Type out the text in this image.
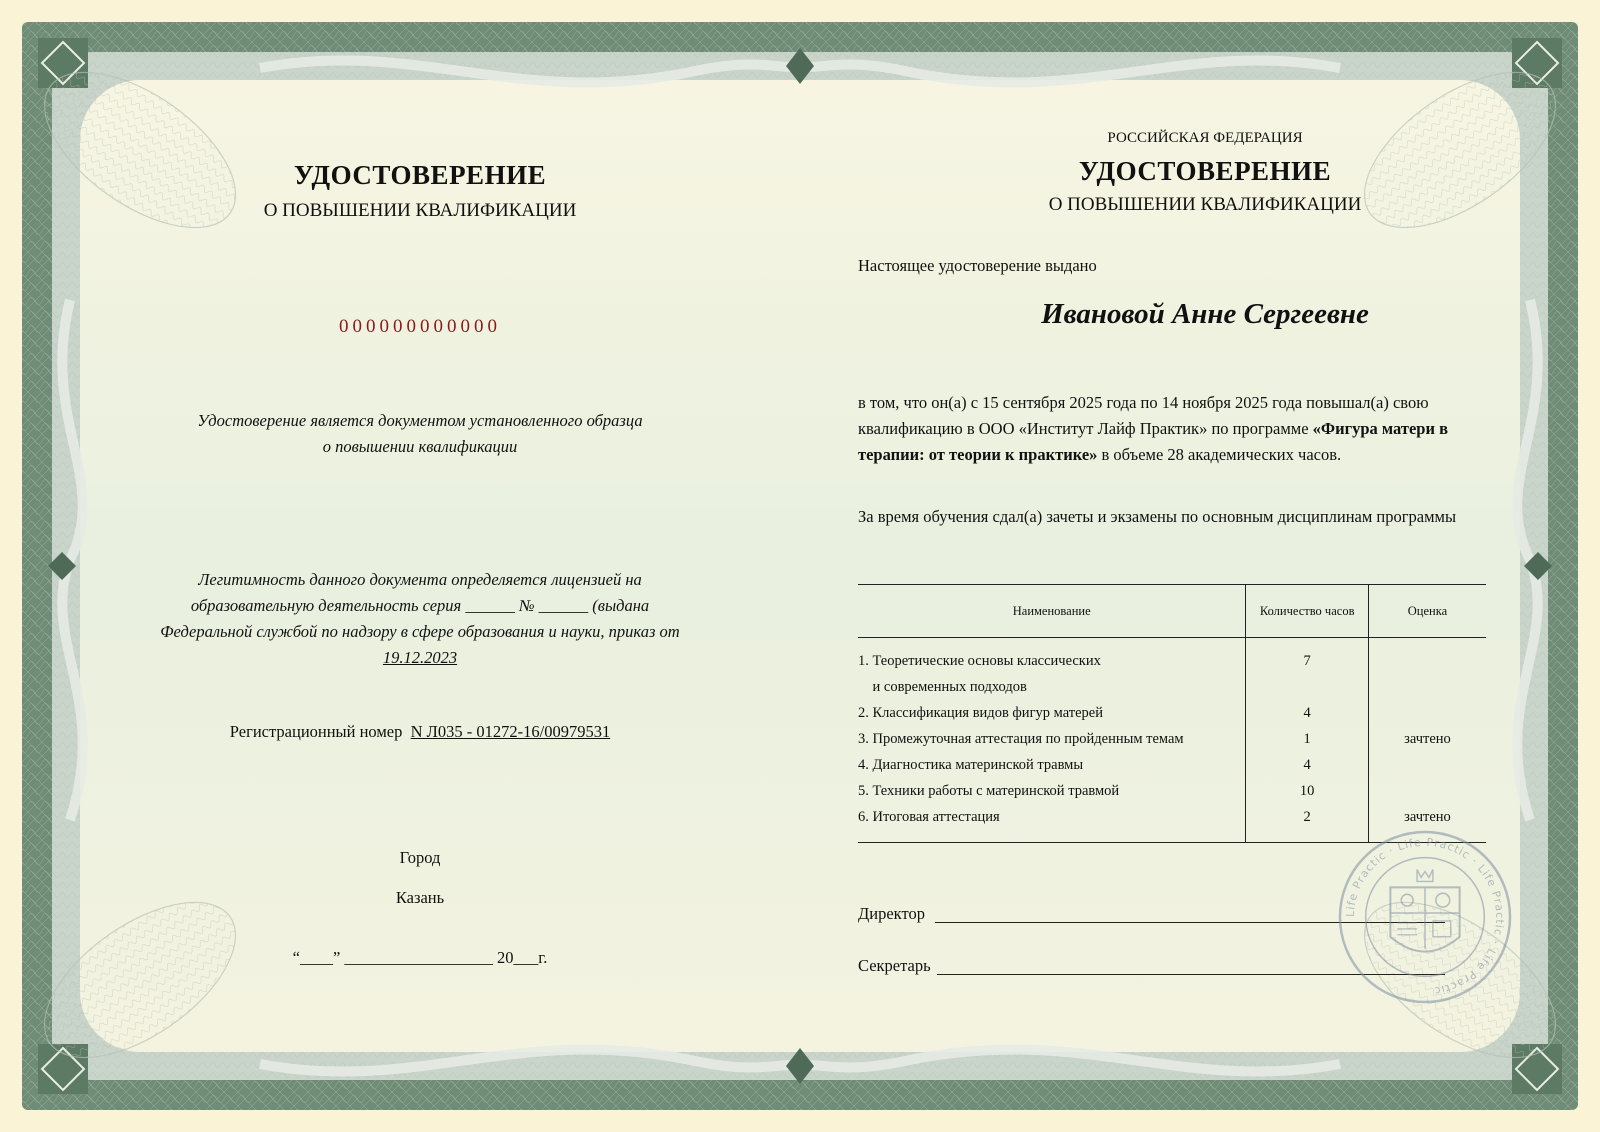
УДОСТОВЕРЕНИЕ
О ПОВЫШЕНИИ КВАЛИФИКАЦИИ
000000000000
Удостоверение является документом установленного образца
о повышении квалификации
Легитимность данного документа определяется лицензией на образовательную деятельность серия ______ № ______ (выдана Федеральной службой по надзору в сфере образования и науки, приказ от 19.12.2023
Регистрационный номер N Л035 - 01272-16/00979531
Город
Казань
“____” __________________ 20___г.
РОССИЙСКАЯ ФЕДЕРАЦИЯ
УДОСТОВЕРЕНИЕ
О ПОВЫШЕНИИ КВАЛИФИКАЦИИ
Настоящее удостоверение выдано
Ивановой Анне Сергеевне
в том, что он(а) с 15 сентября 2025 года по 14 ноября 2025 года повышал(а) свою квалификацию в ООО «Институт Лайф Практик» по программе «Фигура матери в терапии: от теории к практике» в объеме 28 академических часов.
За время обучения сдал(а) зачеты и экзамены по основным дисциплинам программы
Наименование	Количество часов	Оценка
1. Теоретические основы классических	7	
и современных подходов		
2. Классификация видов фигур матерей	4	
3. Промежуточная аттестация по пройденным темам	1	зачтено
4. Диагностика материнской травмы	4	
5. Техники работы с материнской травмой	10	
6. Итоговая аттестация	2	зачтено
Директор
Секретарь
Life Practic · Life Practic · Life Practic · Life Practic
